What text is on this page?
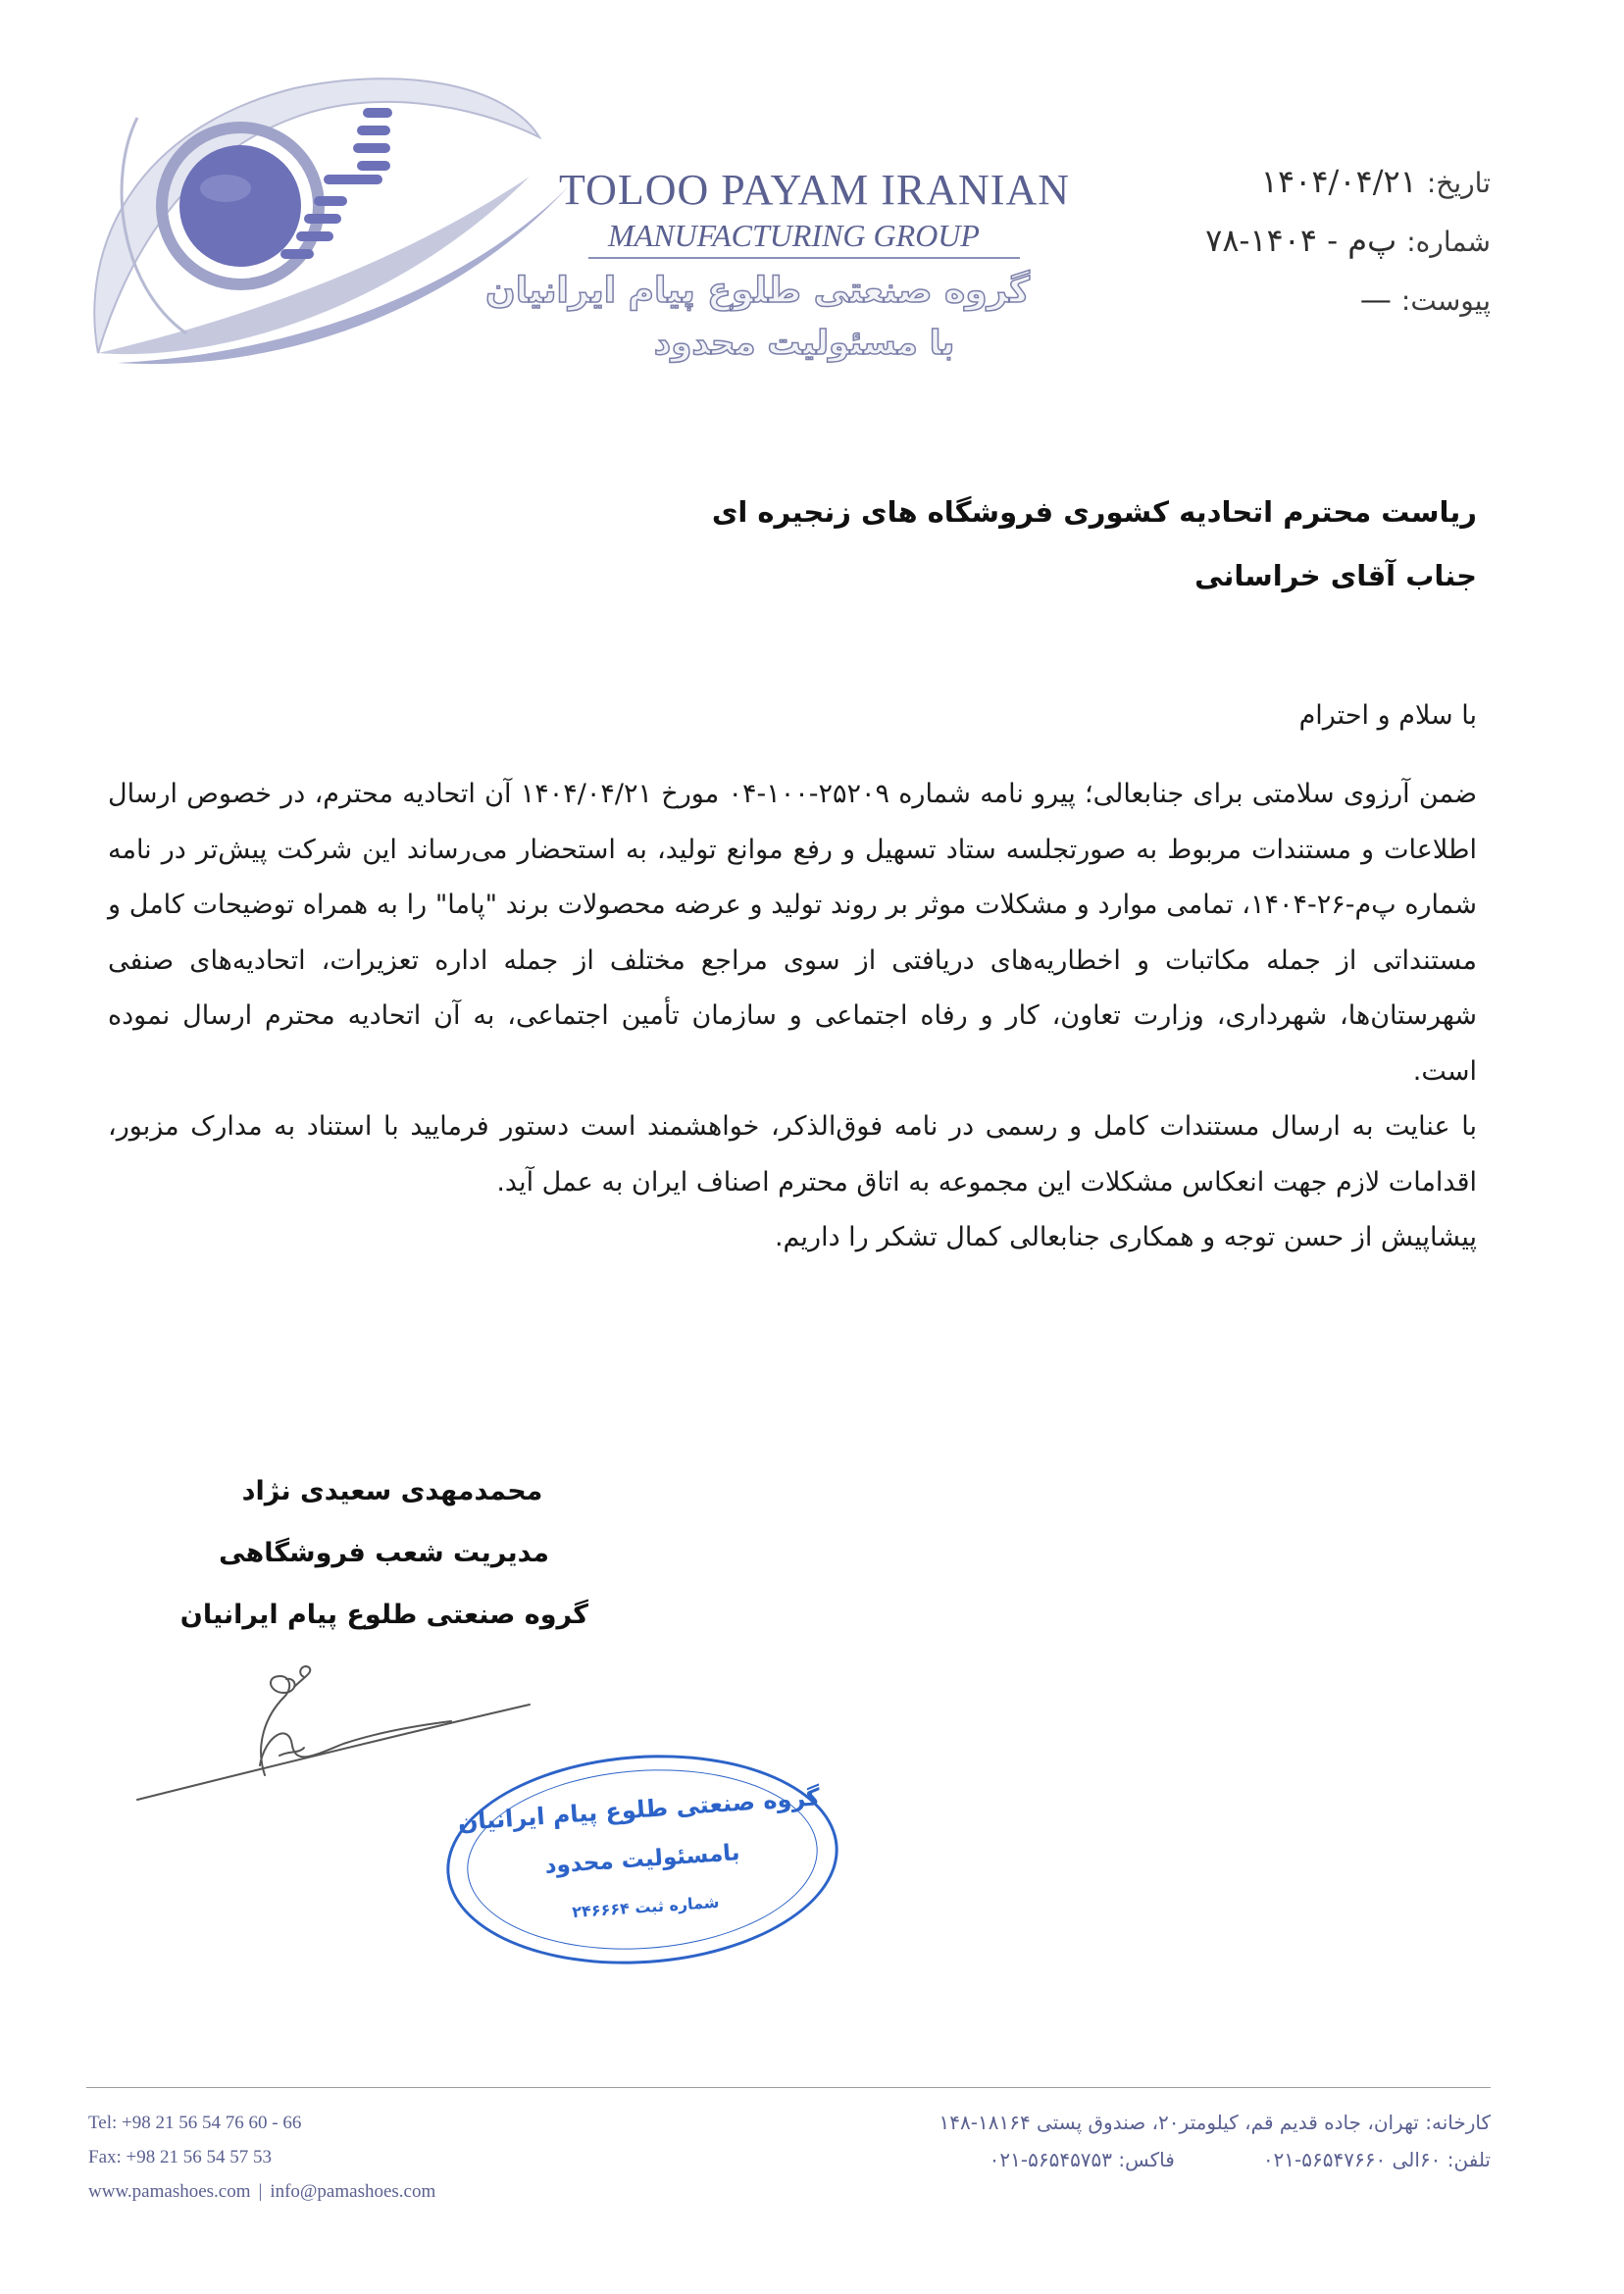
TOLOO PAYAM IRANIAN
MANUFACTURING GROUP
گروه صنعتی طلوع پیام ایرانیان
با مسئولیت محدود
تاریخ:۱۴۰۴/۰۴/۲۱
شماره:پ‌م - ۱۴۰۴-۷۸
پیوست:—
ریاست محترم اتحادیه کشوری فروشگاه های زنجیره ای
جناب آقای خراسانی
با سلام و احترام

ضمن آرزوی سلامتی برای جنابعالی؛ پیرو نامه شماره ۲۵۲۰۹-۱۰۰-۰۴ مورخ ۱۴۰۴/۰۴/۲۱ آن اتحادیه محترم، در خصوص ارسال اطلاعات و مستندات مربوط به صورتجلسه ستاد تسهیل و رفع موانع تولید، به استحضار می‌رساند این شرکت پیش‌تر در نامه شماره پ‌م-۲۶-۱۴۰۴، تمامی موارد و مشکلات موثر بر روند تولید و عرضه محصولات برند "پاما" را به همراه توضیحات کامل و مستنداتی از جمله مکاتبات و اخطاریه‌های دریافتی از سوی مراجع مختلف از جمله اداره تعزیرات، اتحادیه‌های صنفی شهرستان‌ها، شهرداری، وزارت تعاون، کار و رفاه اجتماعی و سازمان تأمین اجتماعی، به آن اتحادیه محترم ارسال نموده است.

با عنایت به ارسال مستندات کامل و رسمی در نامه فوق‌الذکر، خواهشمند است دستور فرمایید با استناد به مدارک مزبور، اقدامات لازم جهت انعکاس مشکلات این مجموعه به اتاق محترم اصناف ایران به عمل آید.

پیشاپیش از حسن توجه و همکاری جنابعالی کمال تشکر را داریم.

محمدمهدی سعیدی نژاد
مدیریت شعب فروشگاهی
گروه صنعتی طلوع پیام ایرانیان
گروه صنعتی طلوع پیام ایرانیان
بامسئولیت محدود
شماره ثبت ۲۴۶۶۶۴
Tel: +98 21 56 54 76 60 - 66
Fax: +98 21 56 54 57 53
www.pamashoes.com | info@pamashoes.com
کارخانه: تهران، جاده قدیم قم، کیلومتر۲۰، صندوق پستی ۱۸۱۶۴-۱۴۸
تلفن: ۶۰الی ۵۶۵۴۷۶۶۰-۰۲۱فاکس: ۵۶۵۴۵۷۵۳-۰۲۱
